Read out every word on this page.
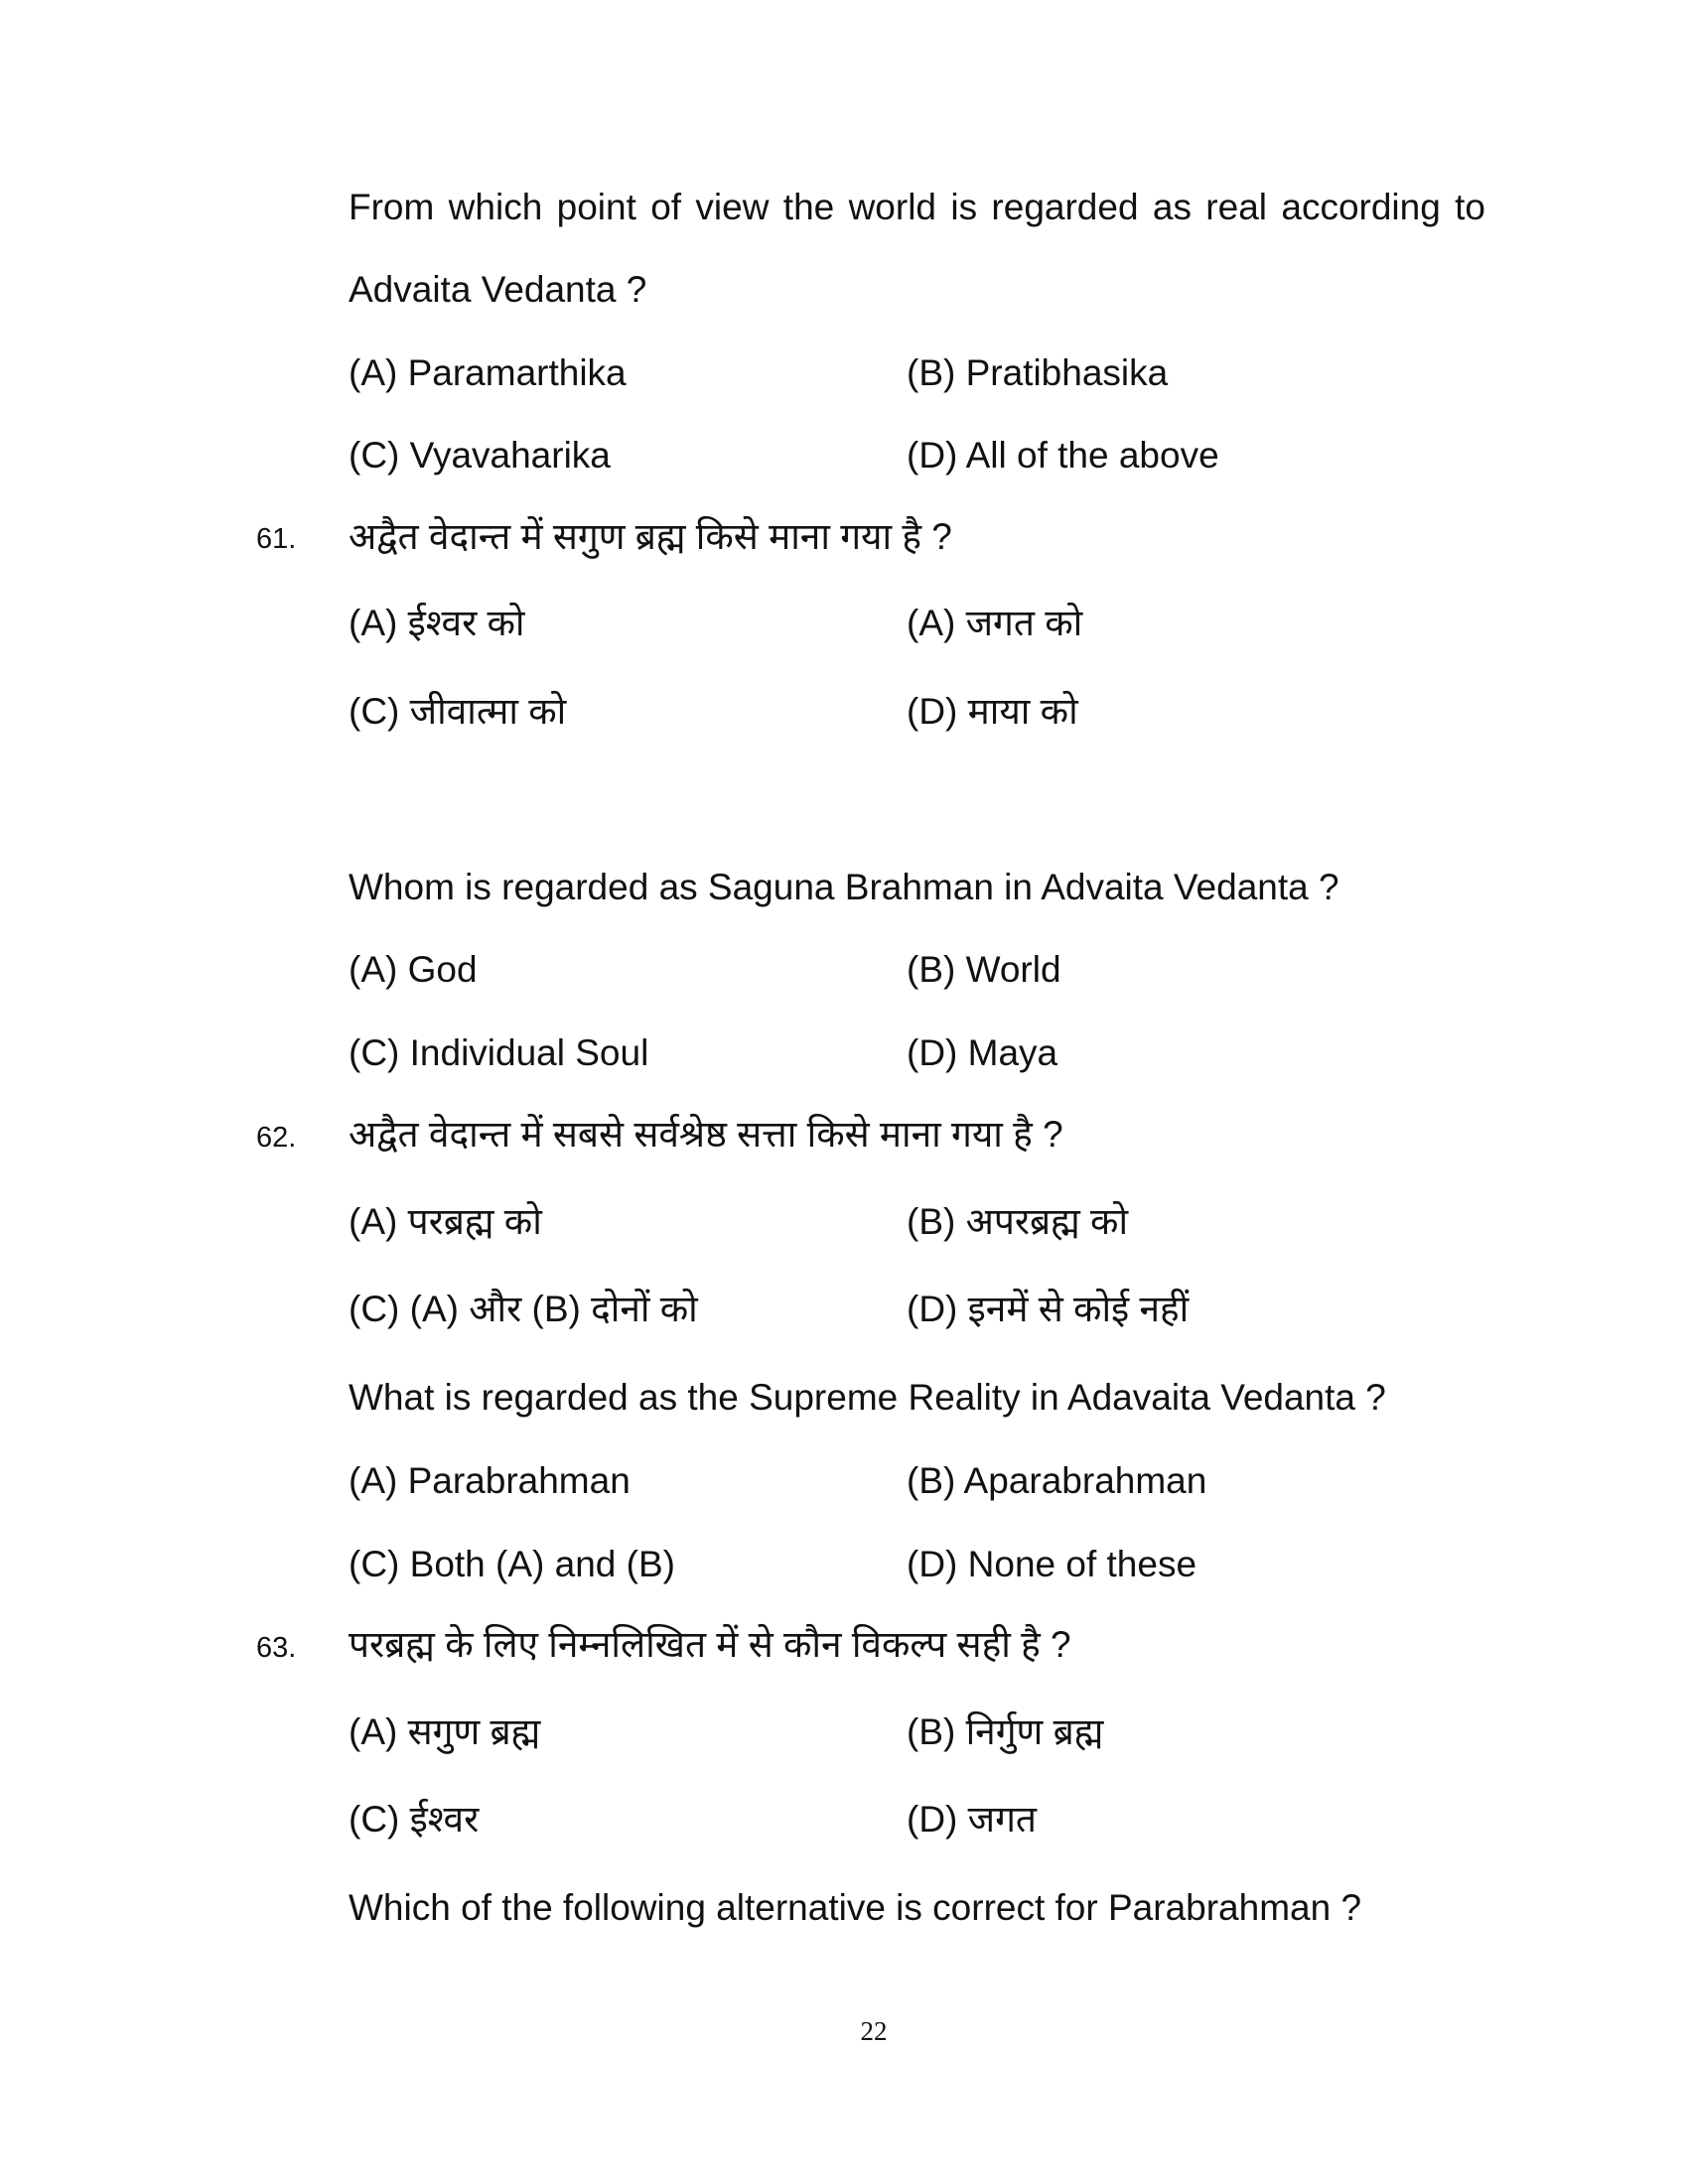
From which point of view the world is regarded as real according to
Advaita Vedanta ?
(A) Paramarthika	(B) Pratibhasika
(C) Vyavaharika	(D) All of the above
61. अद्वैत वेदान्त में सगुण ब्रह्म किसे माना गया है ?
(A) ईश्वर को	(A) जगत को
(C) जीवात्मा को	(D) माया को
Whom is regarded as Saguna Brahman in Advaita Vedanta ?
(A) God	(B) World
(C) Individual Soul	(D) Maya
62. अद्वैत वेदान्त में सबसे सर्वश्रेष्ठ सत्ता किसे माना गया है ?
(A) परब्रह्म को	(B) अपरब्रह्म को
(C) (A) और (B) दोनों को	(D) इनमें से कोई नहीं
What is regarded as the Supreme Reality in Adavaita Vedanta ?
(A) Parabrahman	(B) Aparabrahman
(C) Both (A) and (B)	(D) None of these
63. परब्रह्म के लिए निम्नलिखित में से कौन विकल्प सही है ?
(A) सगुण ब्रह्म	(B) निर्गुण ब्रह्म
(C) ईश्वर	(D) जगत
Which of the following alternative is correct for Parabrahman ?
22
